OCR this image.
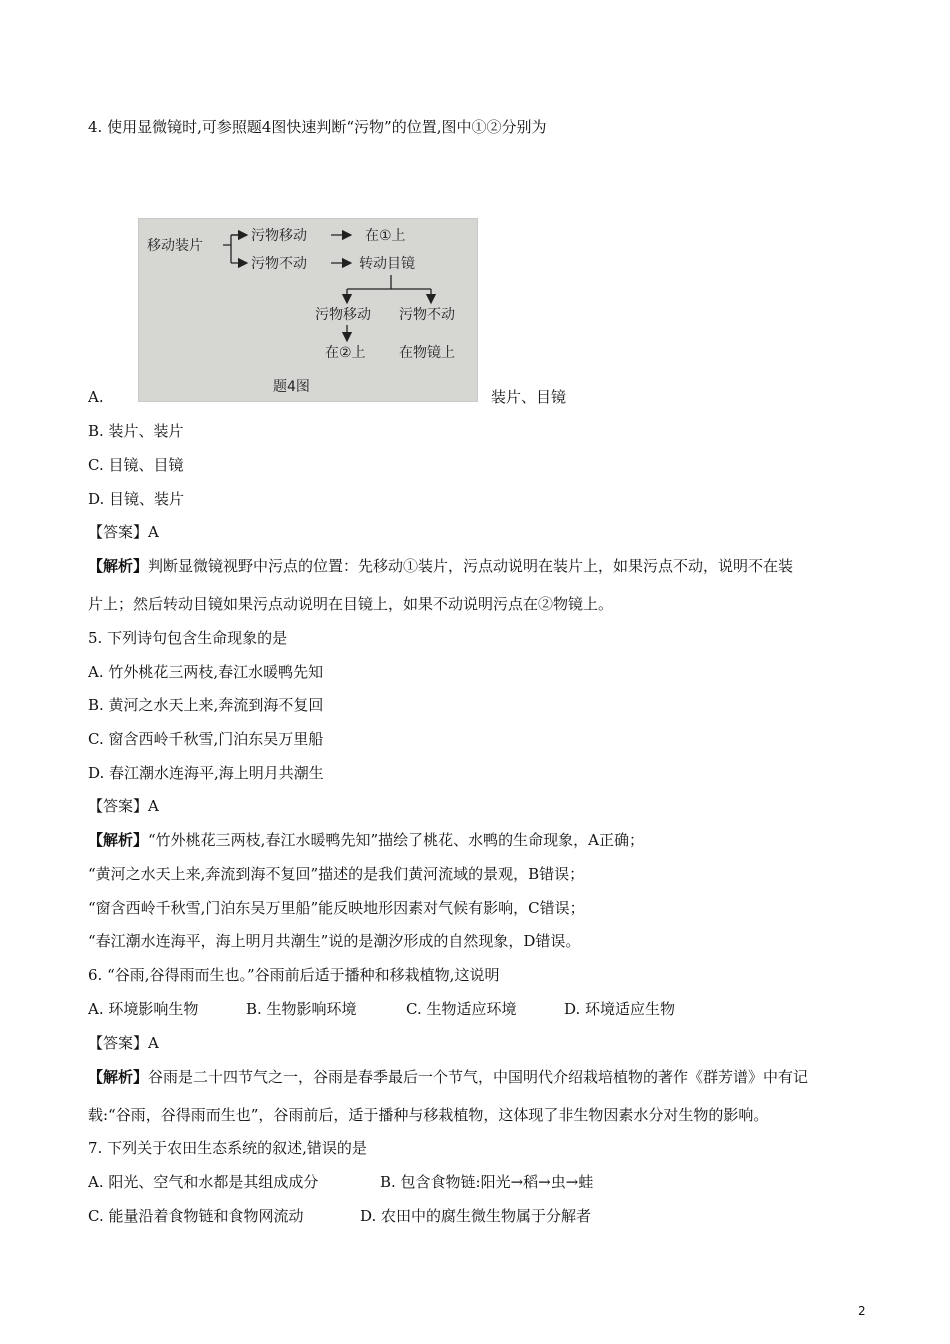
4. 使用显微镜时,可参照题4图快速判断“污物”的位置,图中①②分别为
移动装片
污物移动	在①上
污物不动	转动目镜
污物移动 污物不动
在②上 在物镜上
题4图
A.	装片、目镜
B. 装片、装片
C. 目镜、目镜
D. 目镜、装片
【答案】A
【解析】判断显微镜视野中污点的位置：先移动①装片，污点动说明在装片上，如果污点不动，说明不在装
片上；然后转动目镜如果污点动说明在目镜上，如果不动说明污点在②物镜上。
5. 下列诗句包含生命现象的是
A. 竹外桃花三两枝,春江水暖鸭先知
B. 黄河之水天上来,奔流到海不复回
C. 窗含西岭千秋雪,门泊东吴万里船
D. 春江潮水连海平,海上明月共潮生
【答案】A
【解析】“竹外桃花三两枝,春江水暖鸭先知”描绘了桃花、水鸭的生命现象，A正确；
“黄河之水天上来,奔流到海不复回”描述的是我们黄河流域的景观，B错误；
“窗含西岭千秋雪,门泊东吴万里船”能反映地形因素对气候有影响，C错误；
“春江潮水连海平，海上明月共潮生”说的是潮汐形成的自然现象，D错误。
6. “谷雨,谷得雨而生也。”谷雨前后适于播种和移栽植物,这说明
A. 环境影响生物	B. 生物影响环境	C. 生物适应环境	D. 环境适应生物
【答案】A
【解析】谷雨是二十四节气之一，谷雨是春季最后一个节气，中国明代介绍栽培植物的著作《群芳谱》中有记
载:“谷雨，谷得雨而生也”，谷雨前后，适于播种与移栽植物，这体现了非生物因素水分对生物的影响。
7. 下列关于农田生态系统的叙述,错误的是
A. 阳光、空气和水都是其组成成分	B. 包含食物链:阳光→稻→虫→蛙
C. 能量沿着食物链和食物网流动	D. 农田中的腐生微生物属于分解者
2
